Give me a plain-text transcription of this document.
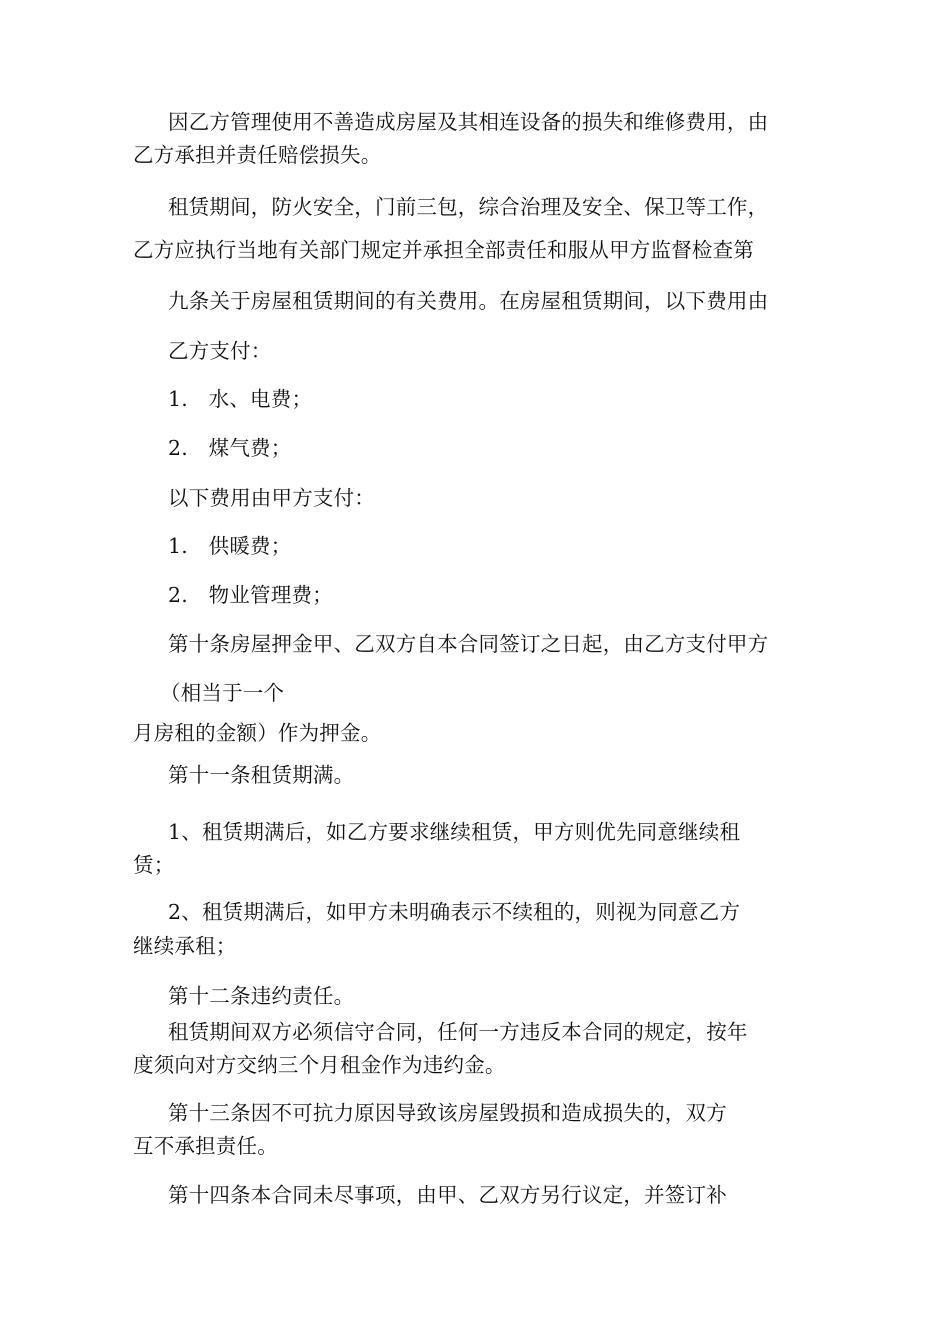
因乙方管理使用不善造成房屋及其相连设备的损失和维修费用，由
乙方承担并责任赔偿损失。
租赁期间，防火安全，门前三包，综合治理及安全、保卫等工作，
乙方应执行当地有关部门规定并承担全部责任和服从甲方监督检查第
九条关于房屋租赁期间的有关费用。在房屋租赁期间，以下费用由
乙方支付：
1.　水、电费；
2.　煤气费；
以下费用由甲方支付：
1.　供暖费；
2.　物业管理费；
第十条房屋押金甲、乙双方自本合同签订之日起，由乙方支付甲方
（相当于一个
月房租的金额）作为押金。
第十一条租赁期满。
1、租赁期满后，如乙方要求继续租赁，甲方则优先同意继续租
赁；
2、租赁期满后，如甲方未明确表示不续租的，则视为同意乙方
继续承租；
第十二条违约责任。
租赁期间双方必须信守合同，任何一方违反本合同的规定，按年
度须向对方交纳三个月租金作为违约金。
第十三条因不可抗力原因导致该房屋毁损和造成损失的，双方
互不承担责任。
第十四条本合同未尽事项，由甲、乙双方另行议定，并签订补
